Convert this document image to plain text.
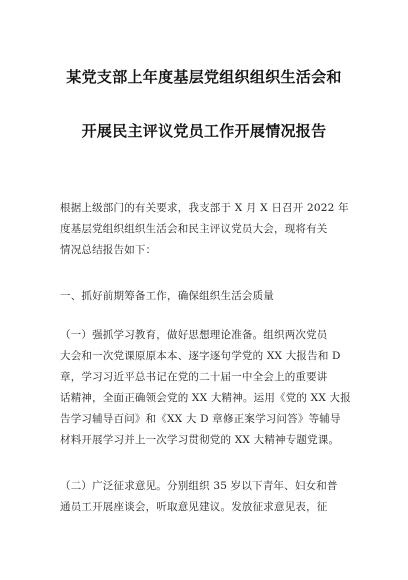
某党支部上年度基层党组织组织生活会和
开展民主评议党员工作开展情况报告
根据上级部门的有关要求，我支部于 X 月 X 日召开 2022 年
度基层党组织组织生活会和民主评议党员大会，现将有关
情况总结报告如下：
一、抓好前期筹备工作，确保组织生活会质量
（一）强抓学习教育，做好思想理论准备。组织两次党员
大会和一次党课原原本本、逐字逐句学党的 XX 大报告和 D
章，学习习近平总书记在党的二十届一中全会上的重要讲
话精神，全面正确领会党的 XX 大精神。运用《党的 XX 大报
告学习辅导百问》和《XX 大 D 章修正案学习问答》等辅导
材料开展学习并上一次学习贯彻党的 XX 大精神专题党课。
（二）广泛征求意见。分别组织 35 岁以下青年、妇女和普
通员工开展座谈会，听取意见建议。发放征求意见表，征
